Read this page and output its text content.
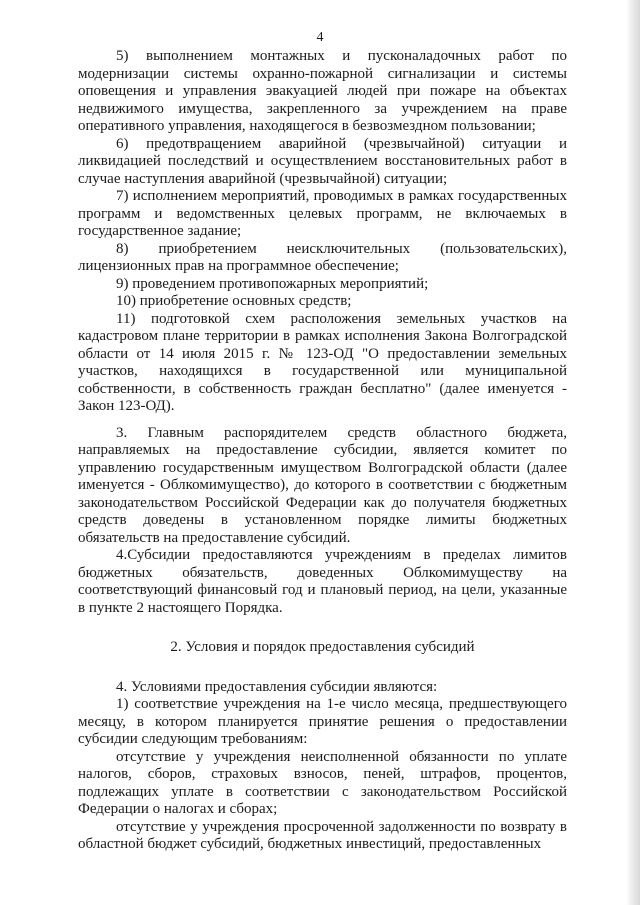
4

5) выполнением монтажных и пусконаладочных работ по модернизации системы охранно-пожарной сигнализации и системы оповещения и управления эвакуацией людей при пожаре на объектах недвижимого имущества, закрепленного за учреждением на праве оперативного управления, находящегося в безвозмездном пользовании;

6) предотвращением аварийной (чрезвычайной) ситуации и ликвидацией последствий и осуществлением восстановительных работ в случае наступления аварийной (чрезвычайной) ситуации;

7) исполнением мероприятий, проводимых в рамках государственных программ и ведомственных целевых программ, не включаемых в государственное задание;

8) приобретением неисключительных (пользовательских), лицензионных прав на программное обеспечение;

9) проведением противопожарных мероприятий;

10) приобретение основных средств;

11) подготовкой схем расположения земельных участков на кадастровом плане территории в рамках исполнения Закона Волгоградской области от 14 июля 2015 г. № 123-ОД "О предоставлении земельных участков, находящихся в государственной или муниципальной собственности, в собственность граждан бесплатно" (далее именуется - Закон 123-ОД).

3. Главным распорядителем средств областного бюджета, направляемых на предоставление субсидии, является комитет по управлению государственным имуществом Волгоградской области (далее именуется - Облкомимущество), до которого в соответствии с бюджетным законодательством Российской Федерации как до получателя бюджетных средств доведены в установленном порядке лимиты бюджетных обязательств на предоставление субсидий.

4.Субсидии предоставляются учреждениям в пределах лимитов бюджетных обязательств, доведенных Облкомимуществу на соответствующий финансовый год и плановый период, на цели, указанные в пункте 2 настоящего Порядка.

2. Условия и порядок предоставления субсидий

4. Условиями предоставления субсидии являются:

1) соответствие учреждения на 1-е число месяца, предшествующего месяцу, в котором планируется принятие решения о предоставлении субсидии следующим требованиям:

отсутствие у учреждения неисполненной обязанности по уплате налогов, сборов, страховых взносов, пеней, штрафов, процентов, подлежащих уплате в соответствии с законодательством Российской Федерации о налогах и сборах;

отсутствие у учреждения просроченной задолженности по возврату в областной бюджет субсидий, бюджетных инвестиций, предоставленных
